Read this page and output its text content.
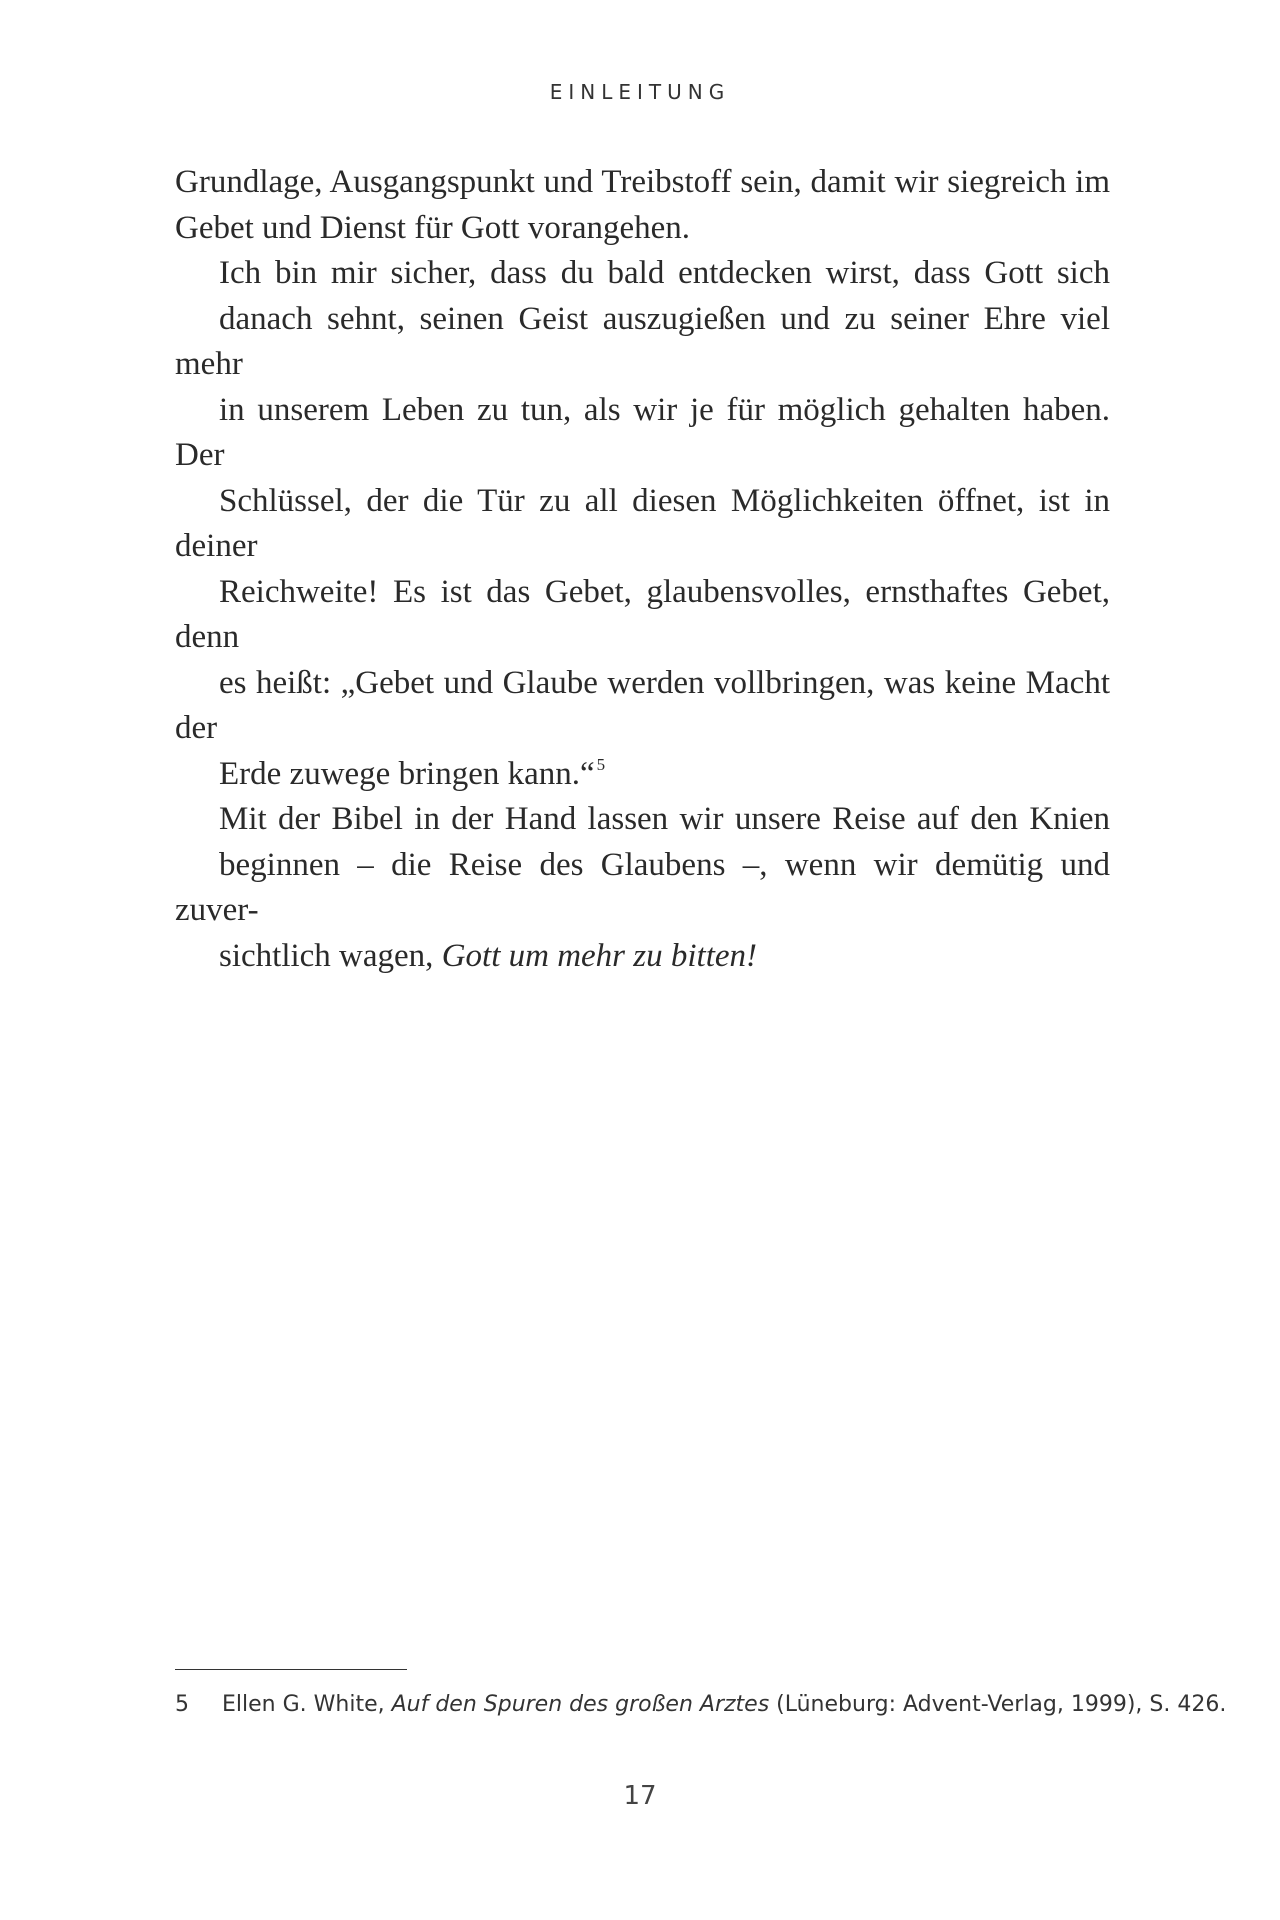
EINLEITUNG

Grundlage, Ausgangspunkt und Treibstoff sein, damit wir siegreich im
Gebet und Dienst für Gott vorangehen.

Ich bin mir sicher, dass du bald entdecken wirst, dass Gott sich
danach sehnt, seinen Geist auszugießen und zu seiner Ehre viel mehr
in unserem Leben zu tun, als wir je für möglich gehalten haben. Der
Schlüssel, der die Tür zu all diesen Möglichkeiten öffnet, ist in deiner
Reichweite! Es ist das Gebet, glaubensvolles, ernsthaftes Gebet, denn
es heißt: „Gebet und Glaube werden vollbringen, was keine Macht der
Erde zuwege bringen kann.“ $^5$

Mit der Bibel in der Hand lassen wir unsere Reise auf den Knien
beginnen – die Reise des Glaubens –, wenn wir demütig und zuver-
sichtlich wagen, Gott um mehr zu bitten!

5 Ellen G. White, Auf den Spuren des großen Arztes (Lüneburg: Advent-Verlag, 1999), S. 426.
17
